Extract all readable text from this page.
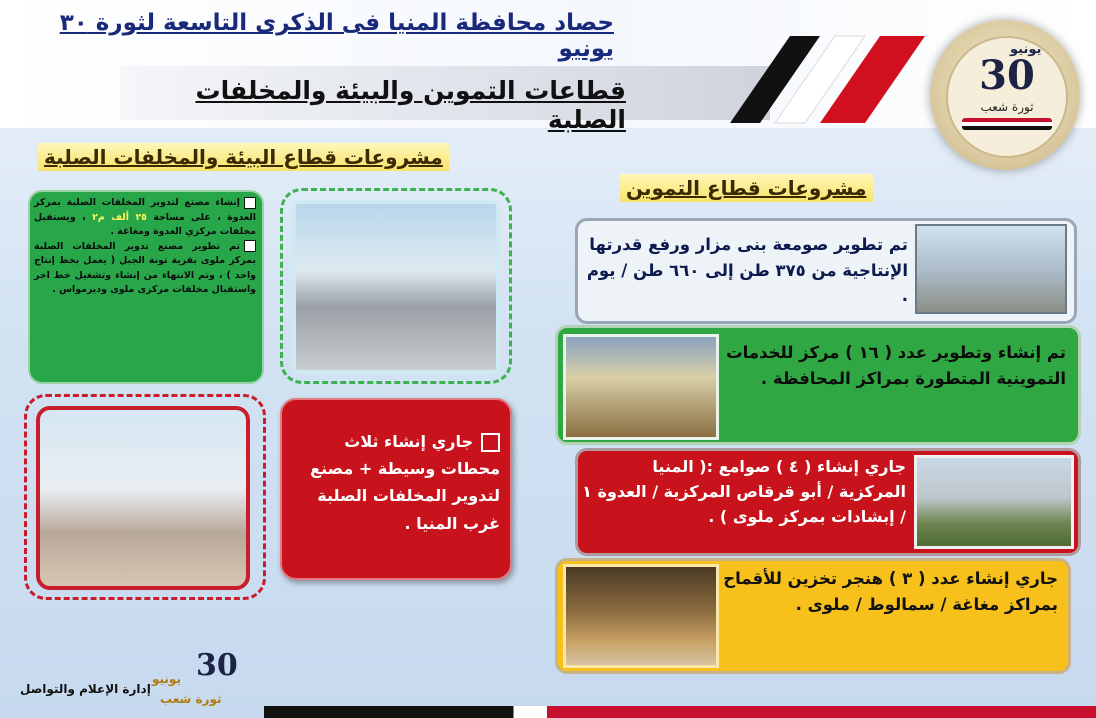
حصاد محافظة المنيا فى الذكرى التاسعة لثورة ٣٠ يونيو
قطاعات التموين والبيئة والمخلفات الصلبة
30
يونيو
ثورة شعب
مشروعات قطاع التموين
مشروعات قطاع البيئة والمخلفات الصلبة
تم تطوير صومعة بنى مزار ورفع قدرتها الإنتاجية من ٣٧٥ طن إلى ٦٦٠ طن / يوم .
تم إنشاء وتطوير عدد ( ١٦ ) مركز للخدمات التموينية المتطورة بمراكز المحافظة .
جاري إنشاء ( ٤ ) صوامع :( المنيا المركزية / أبو قرقاص المركزية / العدوة ١ / إبشادات بمركز ملوى ) .
جاري إنشاء عدد ( ٣ ) هنجر تخزين للأقماح بمراكز مغاغة / سمالوط / ملوى .
إنشاء مصنع لتدوير المخلفات الصلبة بمركز العدوة ، على مساحة ٢٥ ألف م٢ ، ويستقبل مخلفات مركزي العدوة ومغاغة .
تم تطوير مصنع تدوير المخلفات الصلبة بمركز ملوى بقرية تونة الجبل ( يعمل بخط إنتاج واحد ) ، وتم الانتهاء من إنشاء وتشغيل خط اخر واستقبال مخلفات مركزى ملوى وديرمواس .
جاري إنشاء ثلاث محطات وسيطة + مصنع لتدوير المخلفات الصلبة غرب المنيا .
إدارة الإعلام والتواصل
30
يونيو
ثورة شعب
